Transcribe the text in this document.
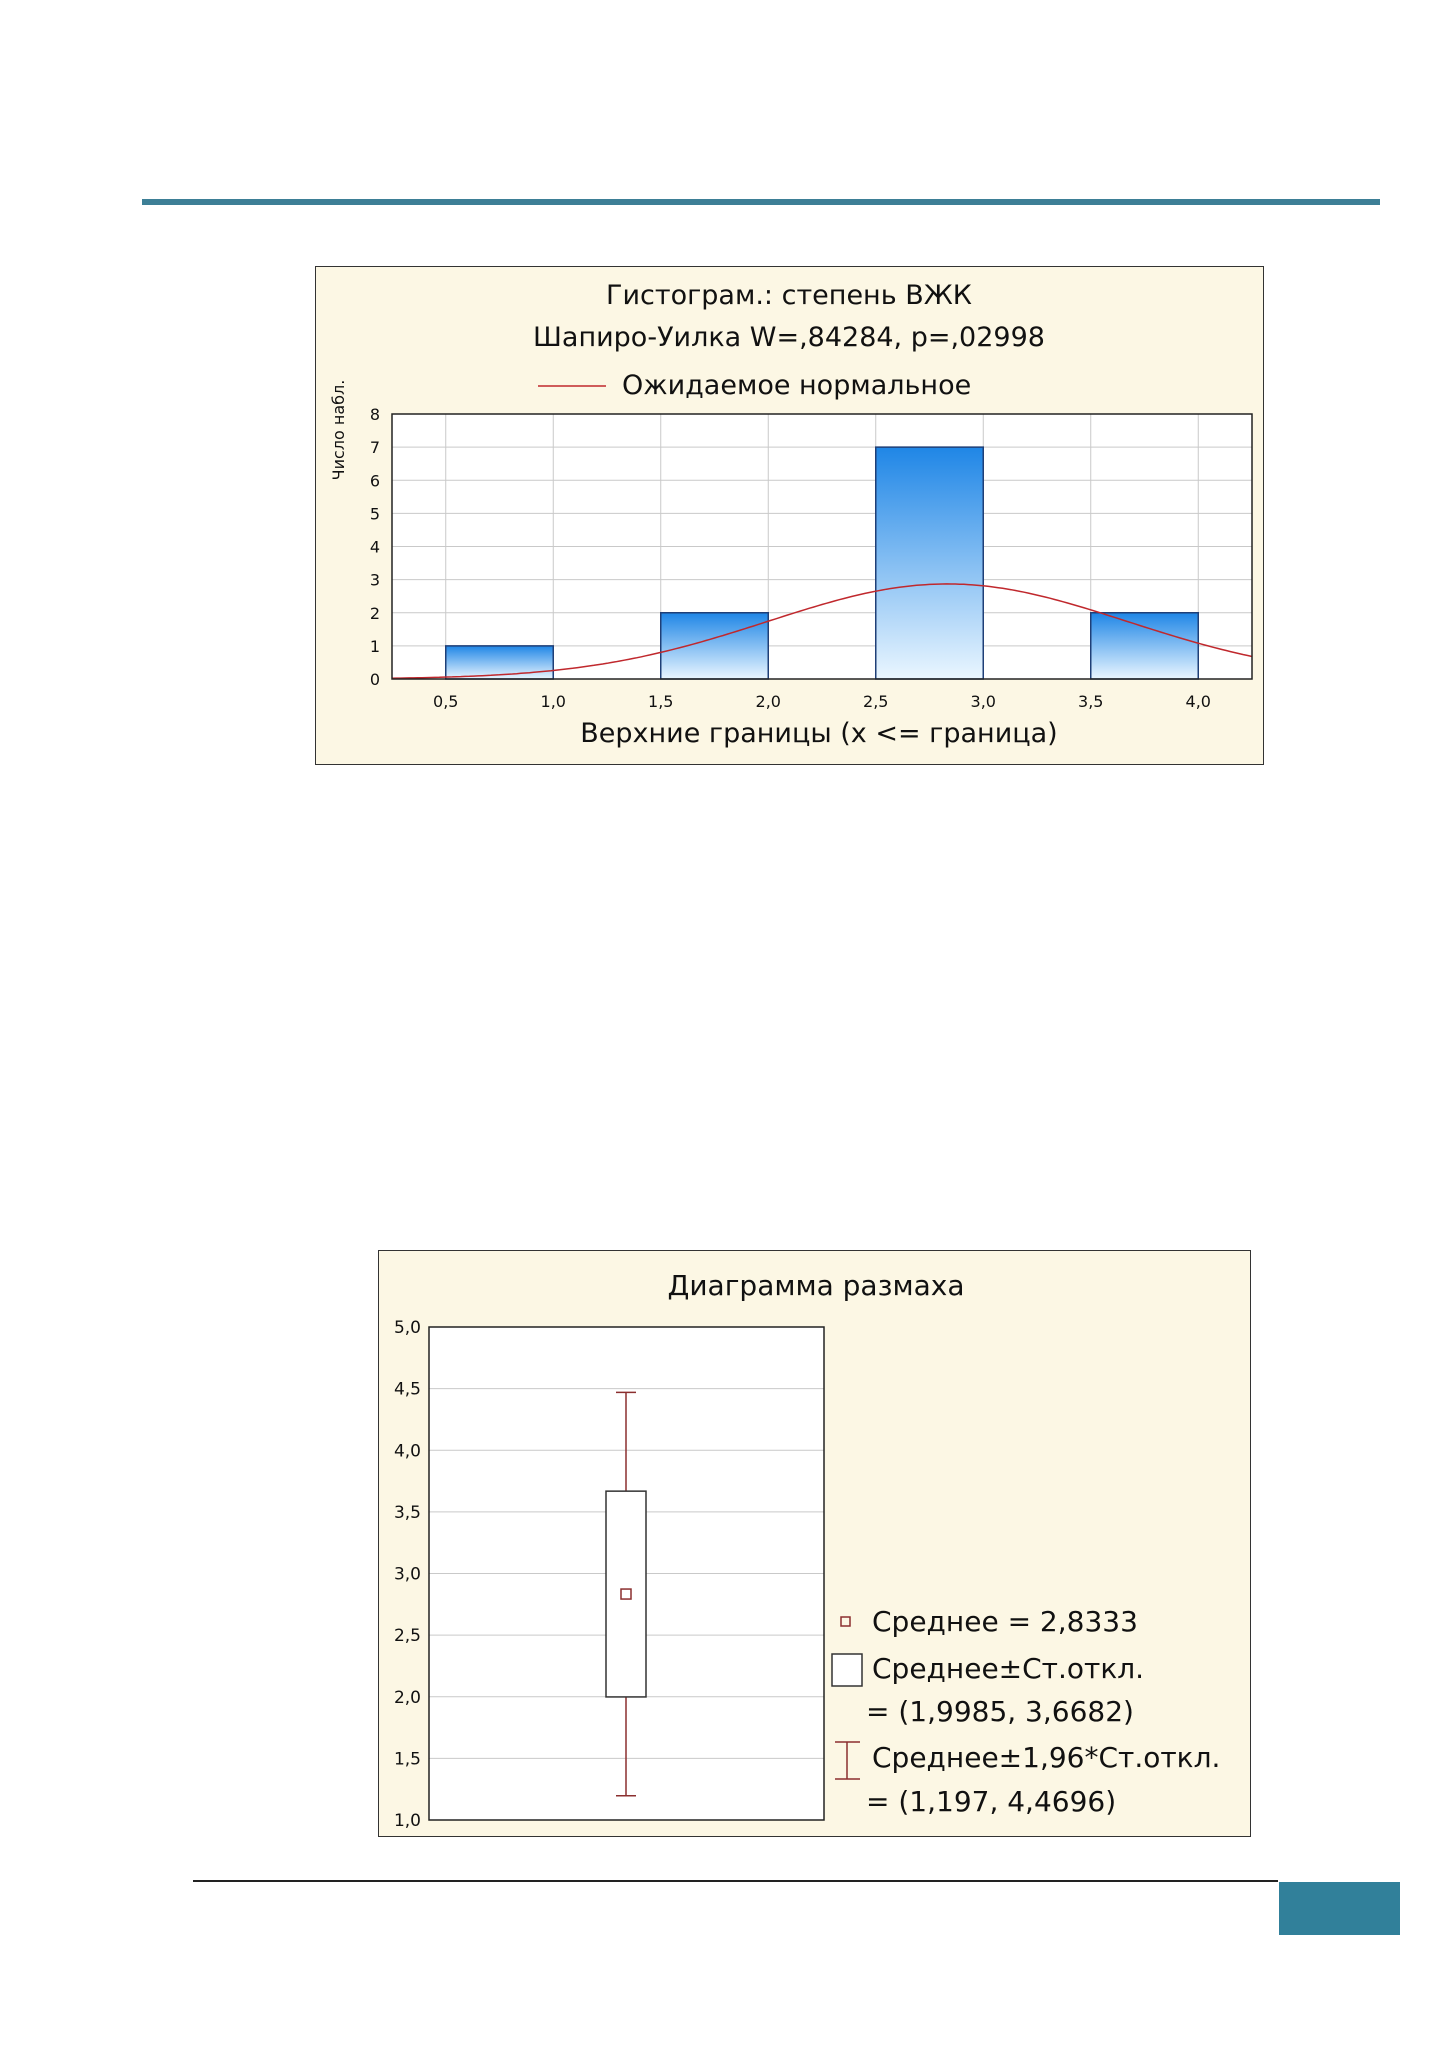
Гистограм.: степень ВЖК
Шапиро-Уилка W=,84284, p=,02998
Ожидаемое нормальное
0
1
2
3
4
5
6
7
8
0,5	1,0	1,5	2,0	2,5	3,0	3,5	4,0
Число набл.
Верхние границы (x <= граница)
Диаграмма размаха
1,0
1,5
2,0
2,5
3,0
3,5
4,0
4,5
5,0
Среднее = 2,8333
Среднее±Ст.откл.
= (1,9985, 3,6682)
Среднее±1,96*Ст.откл.
= (1,197, 4,4696)
